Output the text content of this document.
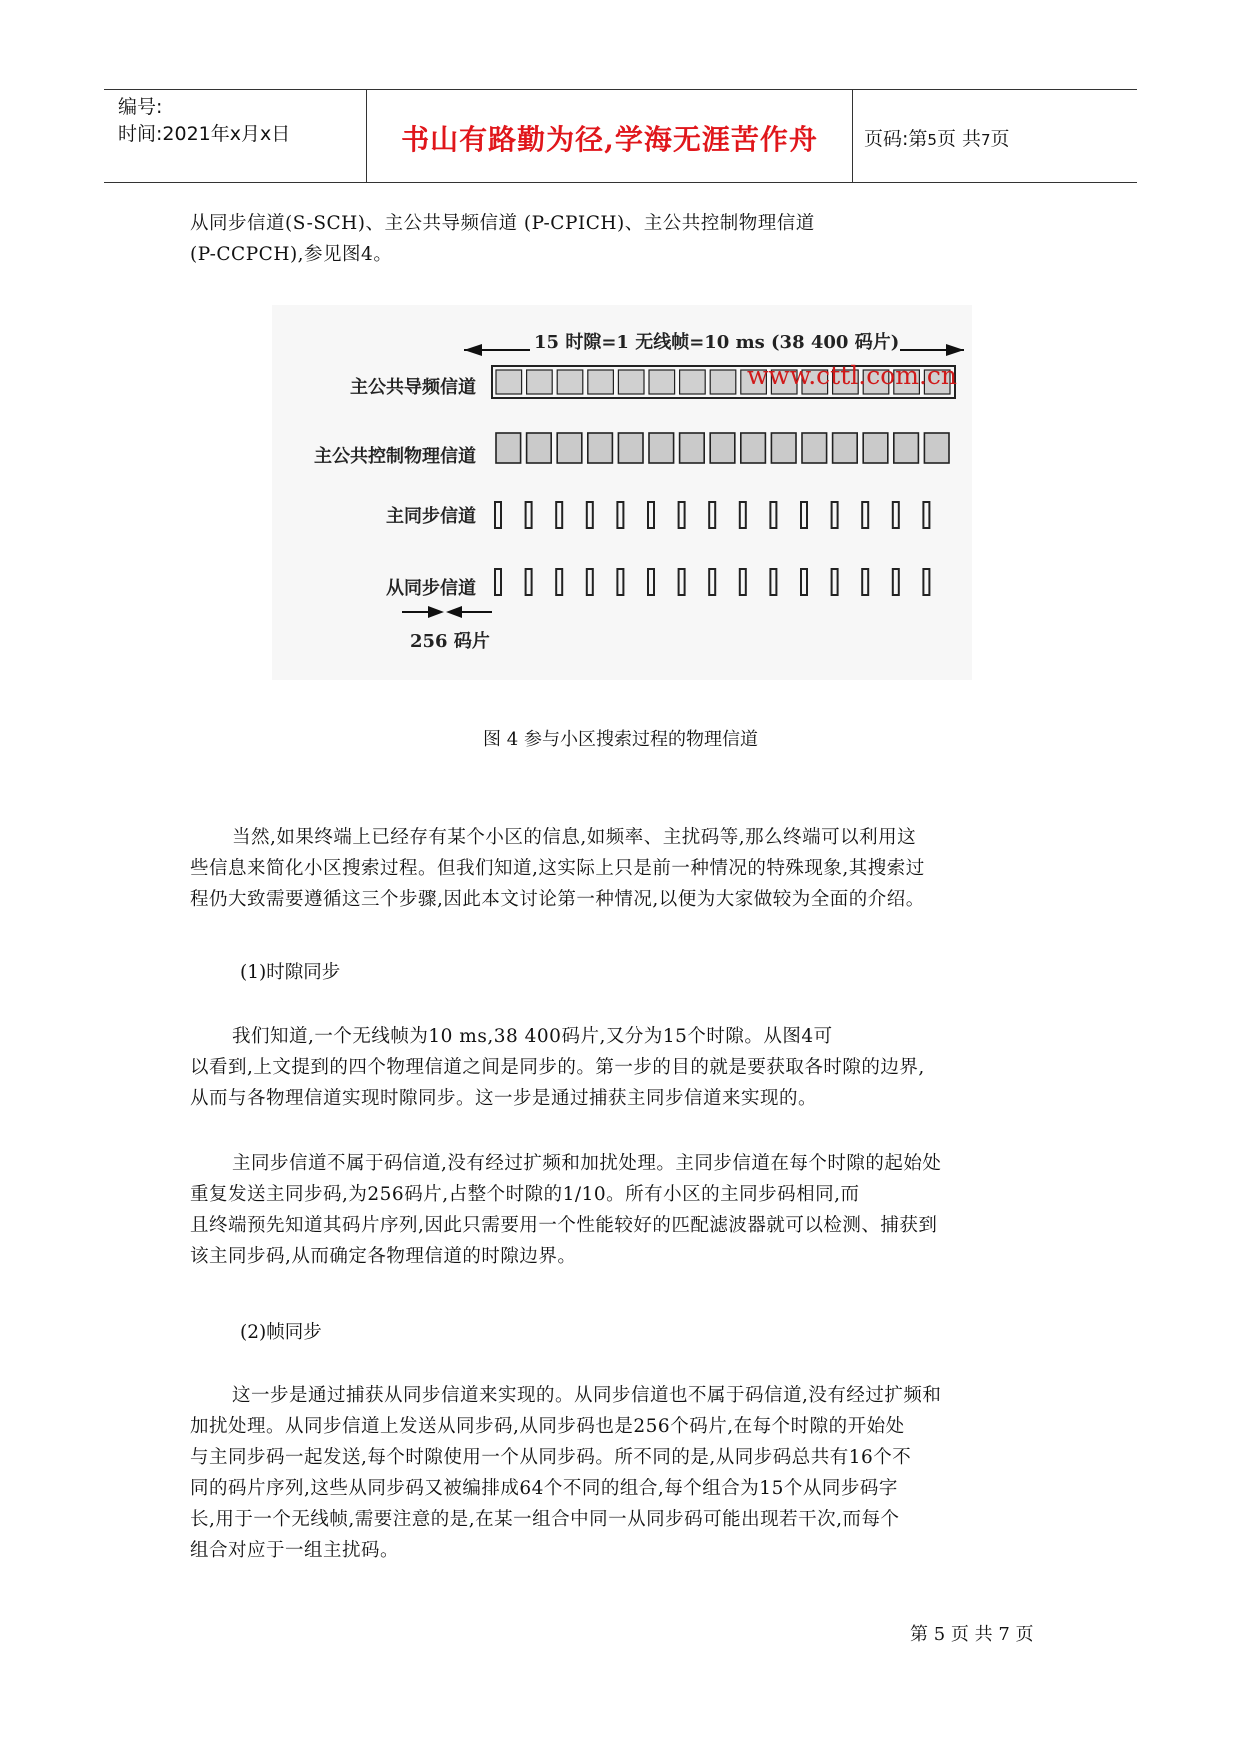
编号:
时间:2021年x月x日	书山有路勤为径,学海无涯苦作舟	页码:第5页 共7页

从同步信道(S-SCH)、主公共导频信道 (P-CPICH)、主公共控制物理信道

(P-CCPCH),参见图4。

15 时隙=1 无线帧=10 ms (38 400 码片)
主公共导频信道
主公共控制物理信道
主同步信道
从同步信道
www.cttl.com.cn
256 码片
图 4 参与小区搜索过程的物理信道

当然,如果终端上已经存有某个小区的信息,如频率、主扰码等,那么终端可以利用这

些信息来简化小区搜索过程。但我们知道,这实际上只是前一种情况的特殊现象,其搜索过

程仍大致需要遵循这三个步骤,因此本文讨论第一种情况,以便为大家做较为全面的介绍。

(1)时隙同步

我们知道,一个无线帧为10 ms,38 400码片,又分为15个时隙。从图4可

以看到,上文提到的四个物理信道之间是同步的。第一步的目的就是要获取各时隙的边界,

从而与各物理信道实现时隙同步。这一步是通过捕获主同步信道来实现的。

主同步信道不属于码信道,没有经过扩频和加扰处理。主同步信道在每个时隙的起始处

重复发送主同步码,为256码片,占整个时隙的1/10。所有小区的主同步码相同,而

且终端预先知道其码片序列,因此只需要用一个性能较好的匹配滤波器就可以检测、捕获到

该主同步码,从而确定各物理信道的时隙边界。

(2)帧同步

这一步是通过捕获从同步信道来实现的。从同步信道也不属于码信道,没有经过扩频和

加扰处理。从同步信道上发送从同步码,从同步码也是256个码片,在每个时隙的开始处

与主同步码一起发送,每个时隙使用一个从同步码。所不同的是,从同步码总共有16个不

同的码片序列,这些从同步码又被编排成64个不同的组合,每个组合为15个从同步码字

长,用于一个无线帧,需要注意的是,在某一组合中同一从同步码可能出现若干次,而每个

组合对应于一组主扰码。

第 5 页 共 7 页
